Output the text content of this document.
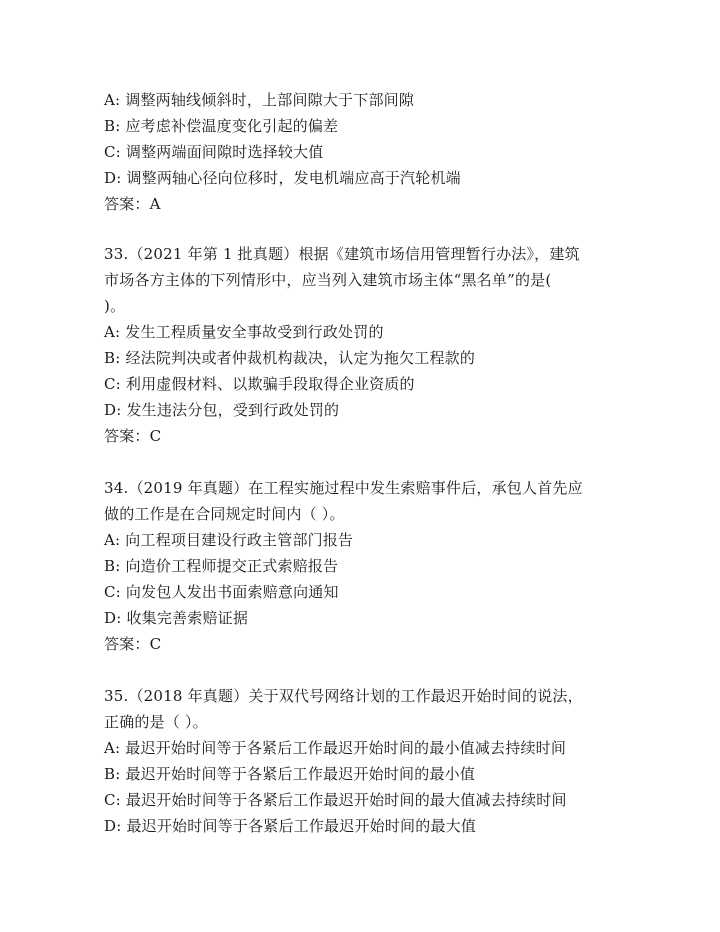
A: 调整两轴线倾斜时，上部间隙大于下部间隙
B: 应考虑补偿温度变化引起的偏差
C: 调整两端面间隙时选择较大值
D: 调整两轴心径向位移时，发电机端应高于汽轮机端
答案：A
33.（2021 年第 1 批真题）根据《建筑市场信用管理暂行办法》，建筑
市场各方主体的下列情形中，应当列入建筑市场主体“黑名单”的是(
)。
A: 发生工程质量安全事故受到行政处罚的
B: 经法院判决或者仲裁机构裁决，认定为拖欠工程款的
C: 利用虚假材料、以欺骗手段取得企业资质的
D: 发生违法分包，受到行政处罚的
答案：C
34.（2019 年真题）在工程实施过程中发生索赔事件后，承包人首先应
做的工作是在合同规定时间内（ ）。
A: 向工程项目建设行政主管部门报告
B: 向造价工程师提交正式索赔报告
C: 向发包人发出书面索赔意向通知
D: 收集完善索赔证据
答案：C
35.（2018 年真题）关于双代号网络计划的工作最迟开始时间的说法，
正确的是（ ）。
A: 最迟开始时间等于各紧后工作最迟开始时间的最小值减去持续时间
B: 最迟开始时间等于各紧后工作最迟开始时间的最小值
C: 最迟开始时间等于各紧后工作最迟开始时间的最大值减去持续时间
D: 最迟开始时间等于各紧后工作最迟开始时间的最大值
